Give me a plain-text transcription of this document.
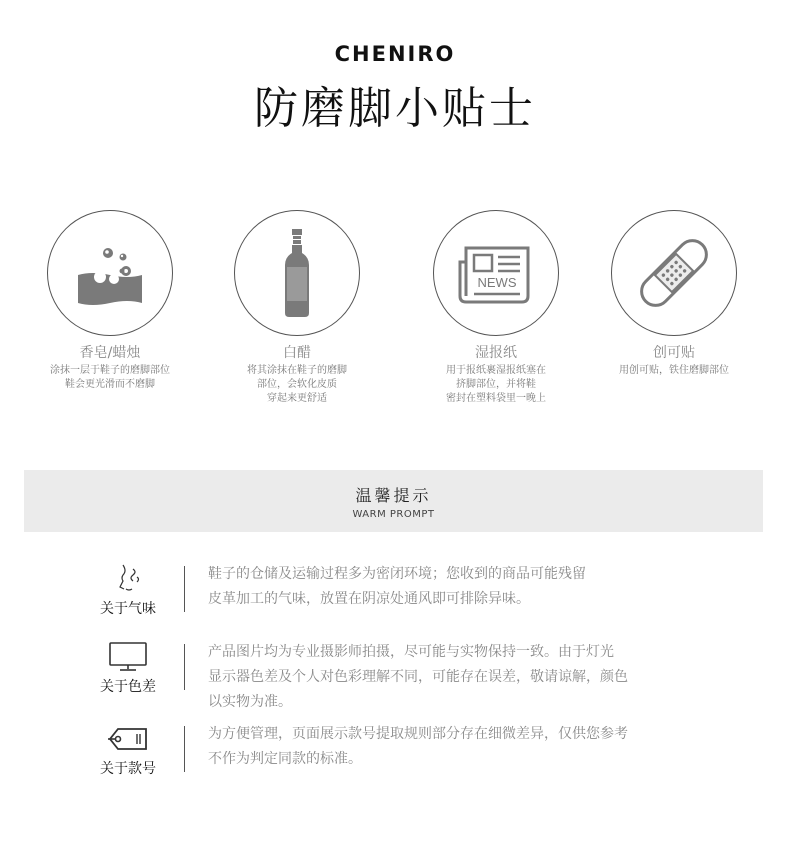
CHENIRO
防磨脚小贴士
香皂/蜡烛
涂抹一层于鞋子的磨脚部位
鞋会更光滑而不磨脚
白醋
将其涂抹在鞋子的磨脚
部位，会软化皮质
穿起来更舒适
NEWS
湿报纸
用于报纸裹湿报纸塞在
挤脚部位，并将鞋
密封在塑料袋里一晚上
创可贴
用创可贴，铁住磨脚部位
温馨提示
WARM PROMPT
关于气味
鞋子的仓储及运输过程多为密闭环境；您收到的商品可能残留
皮革加工的气味，放置在阴凉处通风即可排除异味。
关于色差
产品图片均为专业摄影师拍摄，尽可能与实物保持一致。由于灯光
显示器色差及个人对色彩理解不同，可能存在误差，敬请谅解，颜色
以实物为准。
关于款号
为方便管理，页面展示款号提取规则部分存在细微差异，仅供您参考
不作为判定同款的标准。
